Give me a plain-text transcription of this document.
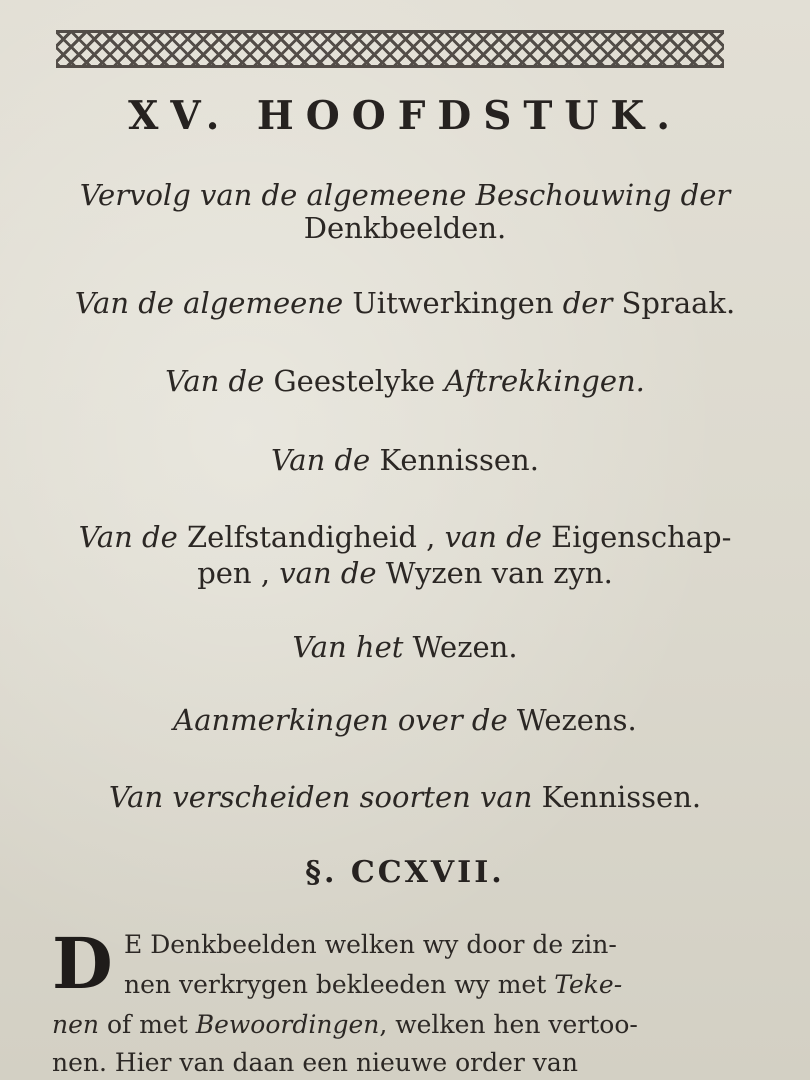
XV. HOOFDSTUK.
Vervolg van de algemeene Beschouwing der
Denkbeelden.
Van de algemeene Uitwerkingen der Spraak.
Van de Geestelyke Aftrekkingen.
Van de Kennissen.
Van de Zelfstandigheid , van de Eigenschap-
pen , van de Wyzen van zyn.
Van het Wezen.
Aanmerkingen over de Wezens.
Van verscheiden soorten van Kennissen.
§. CCXVII.
D E Denkbeelden welken wy door de zin-
nen verkrygen bekleeden wy met Teke-
nen of met Bewoordingen, welken hen vertoo-
nen. Hier van daan een nieuwe order van
